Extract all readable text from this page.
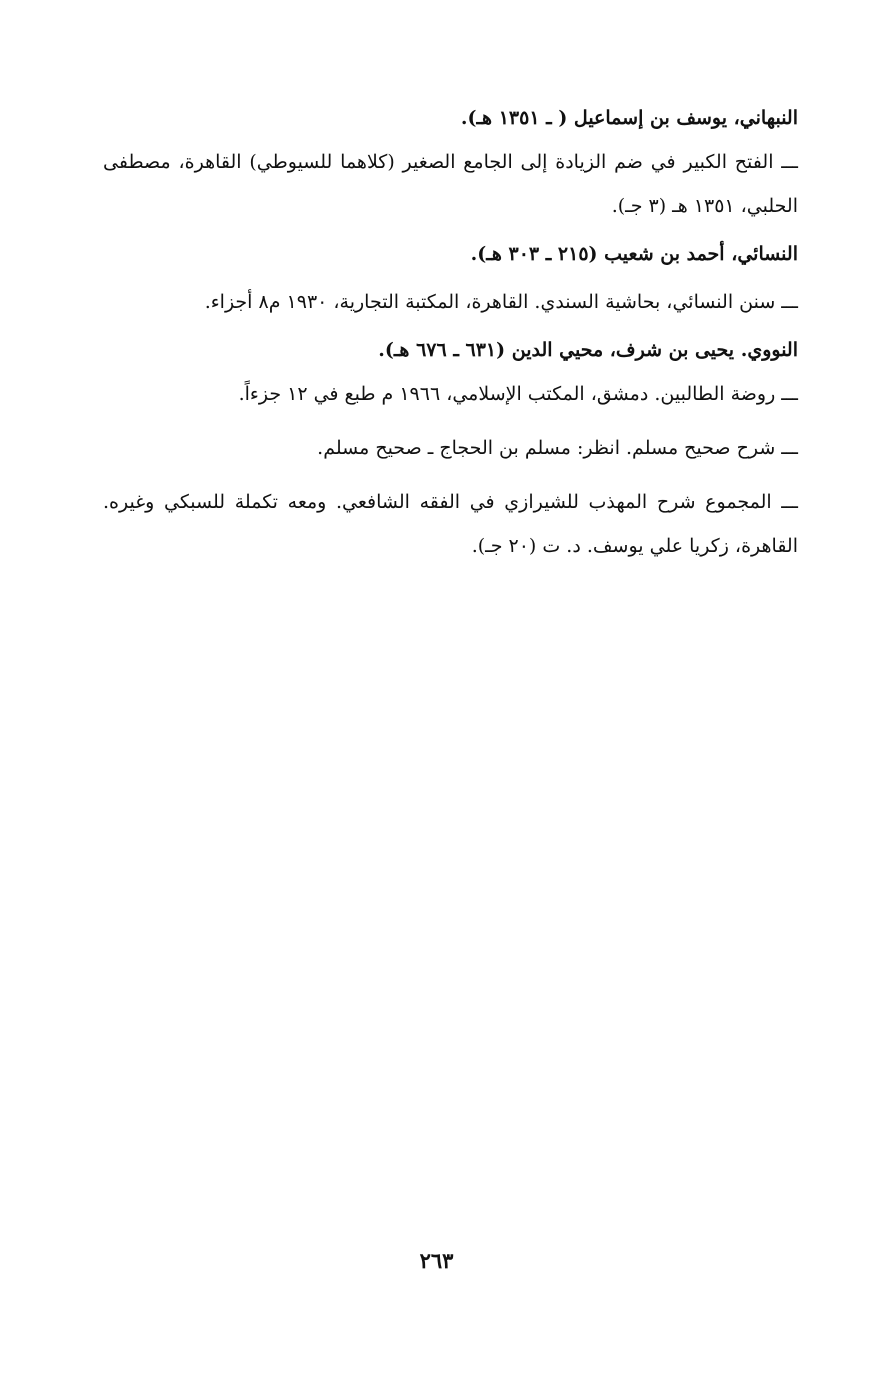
النبهاني، يوسف بن إسماعيل ( ـ ١٣٥١ هـ).

ـــ الفتح الكبير في ضم الزيادة إلى الجامع الصغير (كلاهما للسيوطي) القاهرة، مصطفى الحلبي، ١٣٥١ هـ (٣ جـ).

النسائي، أحمد بن شعيب (٢١٥ ـ ٣٠٣ هـ).

ـــ سنن النسائي، بحاشية السندي. القاهرة، المكتبة التجارية، ١٩٣٠ م٨ أجزاء.

النووي. يحيى بن شرف، محيي الدين (٦٣١ ـ ٦٧٦ هـ).

ـــ روضة الطالبين. دمشق، المكتب الإسلامي، ١٩٦٦ م طبع في ١٢ جزءاً.

ـــ شرح صحيح مسلم. انظر: مسلم بن الحجاج ـ صحيح مسلم.

ـــ المجموع شرح المهذب للشيرازي في الفقه الشافعي. ومعه تكملة للسبكي وغيره. القاهرة، زكريا علي يوسف. د. ت (٢٠ جـ).

٢٦٣
